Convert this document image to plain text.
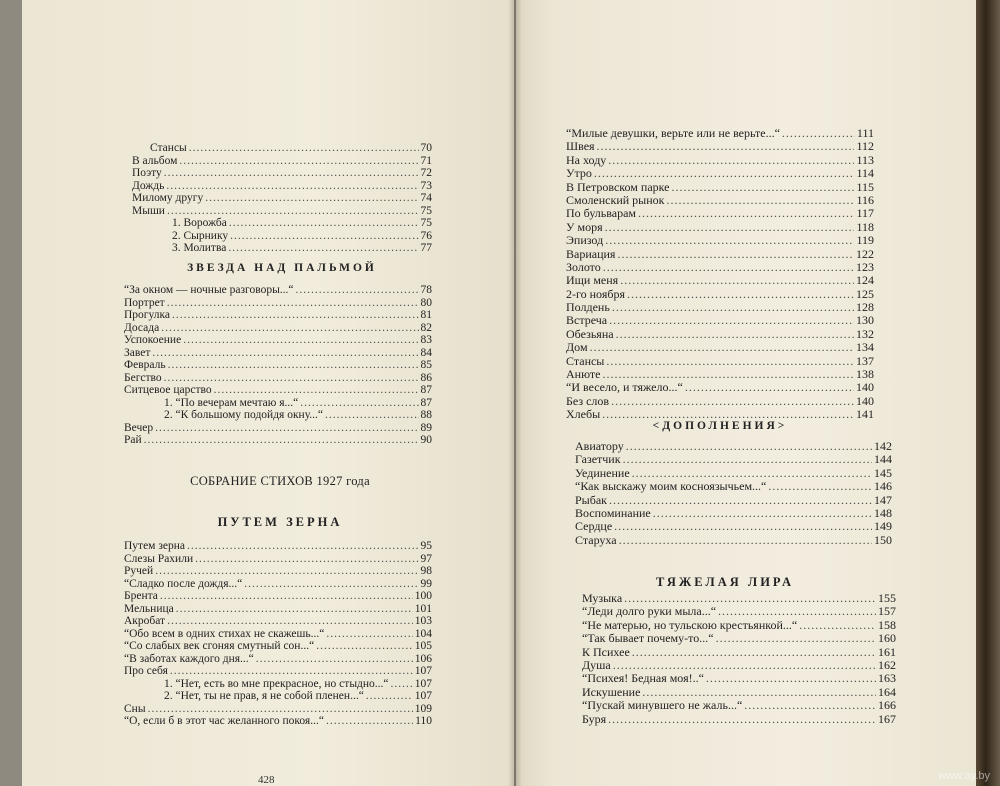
Стансы .....	70
В альбом .....	71
Поэту .....	72
Дождь .....	73
Милому другу .....	74
Мыши .....	75
1. Ворожба .....	75
2. Сырнику .....	76
3. Молитва .....	77
ЗВЕЗДА НАД ПАЛЬМОЙ
“За окном — ночные разговоры...“ .....	78
Портрет .....	80
Прогулка .....	81
Досада .....	82
Успокоение .....	83
Завет .....	84
Февраль .....	85
Бегство .....	86
Ситцевое царство .....	87
1. “По вечерам мечтаю я...“ .....	87
2. “К большому подойдя окну...“ .....	88
Вечер .....	89
Рай .....	90
СОБРАНИЕ СТИХОВ 1927 года
ПУТЕМ ЗЕРНА
Путем зерна .....	95
Слезы Рахили .....	97
Ручей .....	98
“Сладко после дождя...“ .....	99
Брента .....	100
Мельница .....	101
Акробат .....	103
“Обо всем в одних стихах не скажешь...“ .....	104
“Со слабых век сгоняя смутный сон...“ .....	105
“В заботах каждого дня...“ .....	106
Про себя .....	107
1. “Нет, есть во мне прекрасное, но стыдно...“ ..... 107
2. “Нет, ты не прав, я не собой пленен...“ .....	107
Сны .....	109
“О, если б в этот час желанного покоя...“ .....	110
428
“Милые девушки, верьте или не верьте...“ .....	111
Швея .....	112
На ходу .....	113
Утро .....	114
В Петровском парке .....	115
Смоленский рынок .....	116
По бульварам .....	117
У моря .....	118
Эпизод .....	119
Вариация .....	122
Золото .....	123
Ищи меня .....	124
2-го ноября .....	125
Полдень .....	128
Встреча .....	130
Обезьяна .....	132
Дом .....	134
Стансы .....	137
Анюте .....	138
“И весело, и тяжело...“ .....	140
Без слов .....	140
Хлебы .....	141
<ДОПОЛНЕНИЯ>
Авиатору .....	142
Газетчик .....	144
Уединение .....	145
“Как выскажу моим косноязычьем...“ .....	146
Рыбак .....	147
Воспоминание .....	148
Сердце .....	149
Старуха .....	150
ТЯЖЕЛАЯ ЛИРА
Музыка .....	155
“Леди долго руки мыла...“ .....	157
“Не матерью, но тульскою крестьянкой...“ .....	158
“Так бывает почему-то...“ .....	160
К Психее .....	161
Душа .....	162
“Психея! Бедная моя!..“ .....	163
Искушение .....	164
“Пускай минувшего не жаль...“ .....	166
Буря .....	167
www.ay.by
